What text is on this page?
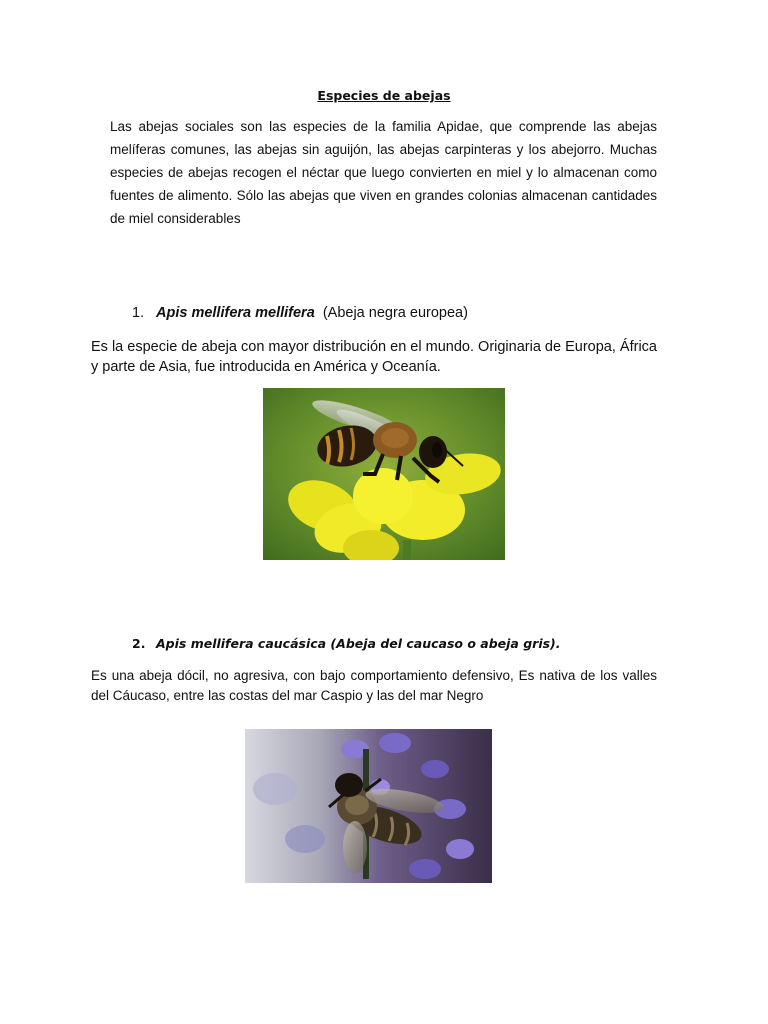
Especies de abejas

Las abejas sociales son las especies de la familia Apidae, que comprende las abejas melíferas comunes, las abejas sin aguijón, las abejas carpinteras y los abejorro. Muchas especies de abejas recogen el néctar que luego convierten en miel y lo almacenan como fuentes de alimento. Sólo las abejas que viven en grandes colonias almacenan cantidades de miel considerables

1. Apis mellifera mellifera (Abeja negra europea)

Es la especie de abeja con mayor distribución en el mundo. Originaria de Europa, África y parte de Asia, fue introducida en América y Oceanía.

2. Apis mellifera caucásica (Abeja del caucaso o abeja gris).

Es una abeja dócil, no agresiva, con bajo comportamiento defensivo, Es nativa de los valles del Cáucaso, entre las costas del mar Caspio y las del mar Negro
